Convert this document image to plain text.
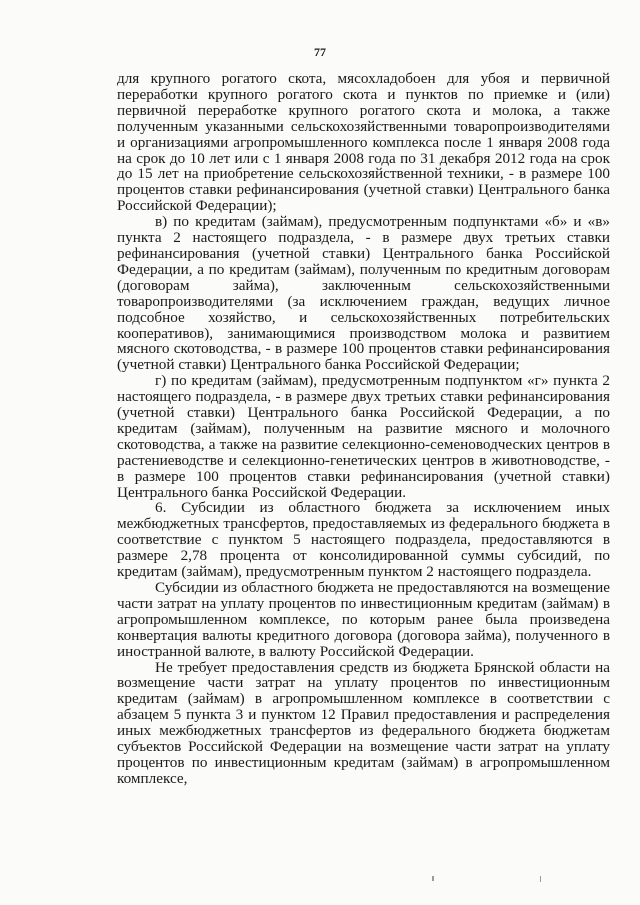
77

для крупного рогатого скота, мясохладобоен для убоя и первичной переработки крупного рогатого скота и пунктов по приемке и (или) первичной переработке крупного рогатого скота и молока, а также полученным указанными сельскохозяйственными товаропроизводителями и организациями агропромышленного комплекса после 1 января 2008 года на срок до 10 лет или с 1 января 2008 года по 31 декабря 2012 года на срок до 15 лет на приобретение сельскохозяйственной техники, - в размере 100 процентов ставки рефинансирования (учетной ставки) Центрального банка Российской Федерации);

в) по кредитам (займам), предусмотренным подпунктами «б» и «в» пункта 2 настоящего подраздела, - в размере двух третьих ставки рефинансирования (учетной ставки) Центрального банка Российской Федерации, а по кредитам (займам), полученным по кредитным договорам (договорам займа), заключенным сельскохозяйственными товаропроизводителями (за исключением граждан, ведущих личное подсобное хозяйство, и сельскохозяйственных потребительских кооперативов), занимающимися производством молока и развитием мясного скотоводства, - в размере 100 процентов ставки рефинансирования (учетной ставки) Центрального банка Российской Федерации;

г) по кредитам (займам), предусмотренным подпунктом «г» пункта 2 настоящего подраздела, - в размере двух третьих ставки рефинансирования (учетной ставки) Центрального банка Российской Федерации, а по кредитам (займам), полученным на развитие мясного и молочного скотоводства, а также на развитие селекционно-семеноводческих центров в растениеводстве и селекционно-генетических центров в животноводстве, - в размере 100 процентов ставки рефинансирования (учетной ставки) Центрального банка Российской Федерации.

6. Субсидии из областного бюджета за исключением иных межбюджетных трансфертов, предоставляемых из федерального бюджета в соответствие с пунктом 5 настоящего подраздела, предоставляются в размере 2,78 процента от консолидированной суммы субсидий, по кредитам (займам), предусмотренным пунктом 2 настоящего подраздела.

Субсидии из областного бюджета не предоставляются на возмещение части затрат на уплату процентов по инвестиционным кредитам (займам) в агропромышленном комплексе, по которым ранее была произведена конвертация валюты кредитного договора (договора займа), полученного в иностранной валюте, в валюту Российской Федерации.

Не требует предоставления средств из бюджета Брянской области на возмещение части затрат на уплату процентов по инвестиционным кредитам (займам) в агропромышленном комплексе в соответствии с абзацем 5 пункта 3 и пунктом 12 Правил предоставления и распределения иных межбюджетных трансфертов из федерального бюджета бюджетам субъектов Российской Федерации на возмещение части затрат на уплату процентов по инвестиционным кредитам (займам) в агропромышленном комплексе,
